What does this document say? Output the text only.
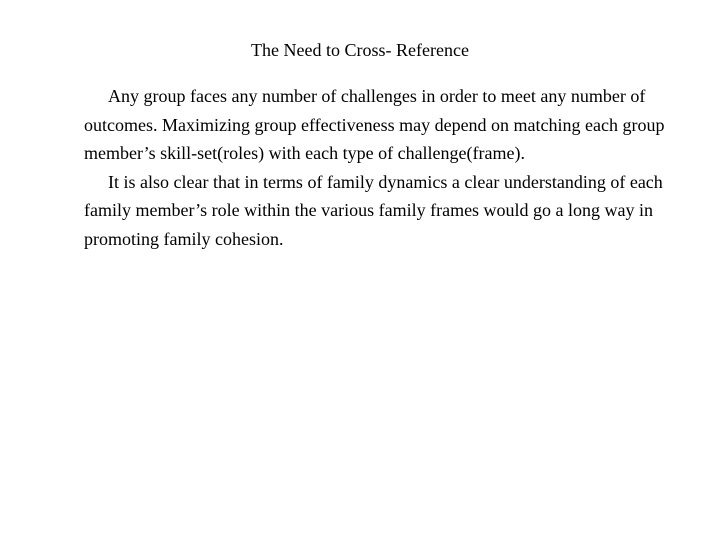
The Need to Cross- Reference

Any group faces any number of challenges in order to meet any number of outcomes. Maximizing group effectiveness may depend on matching each group member’s skill-set(roles) with each type of challenge(frame).

It is also clear that in terms of family dynamics a clear understanding of each family member’s role within the various family frames would go a long way in promoting family cohesion.
